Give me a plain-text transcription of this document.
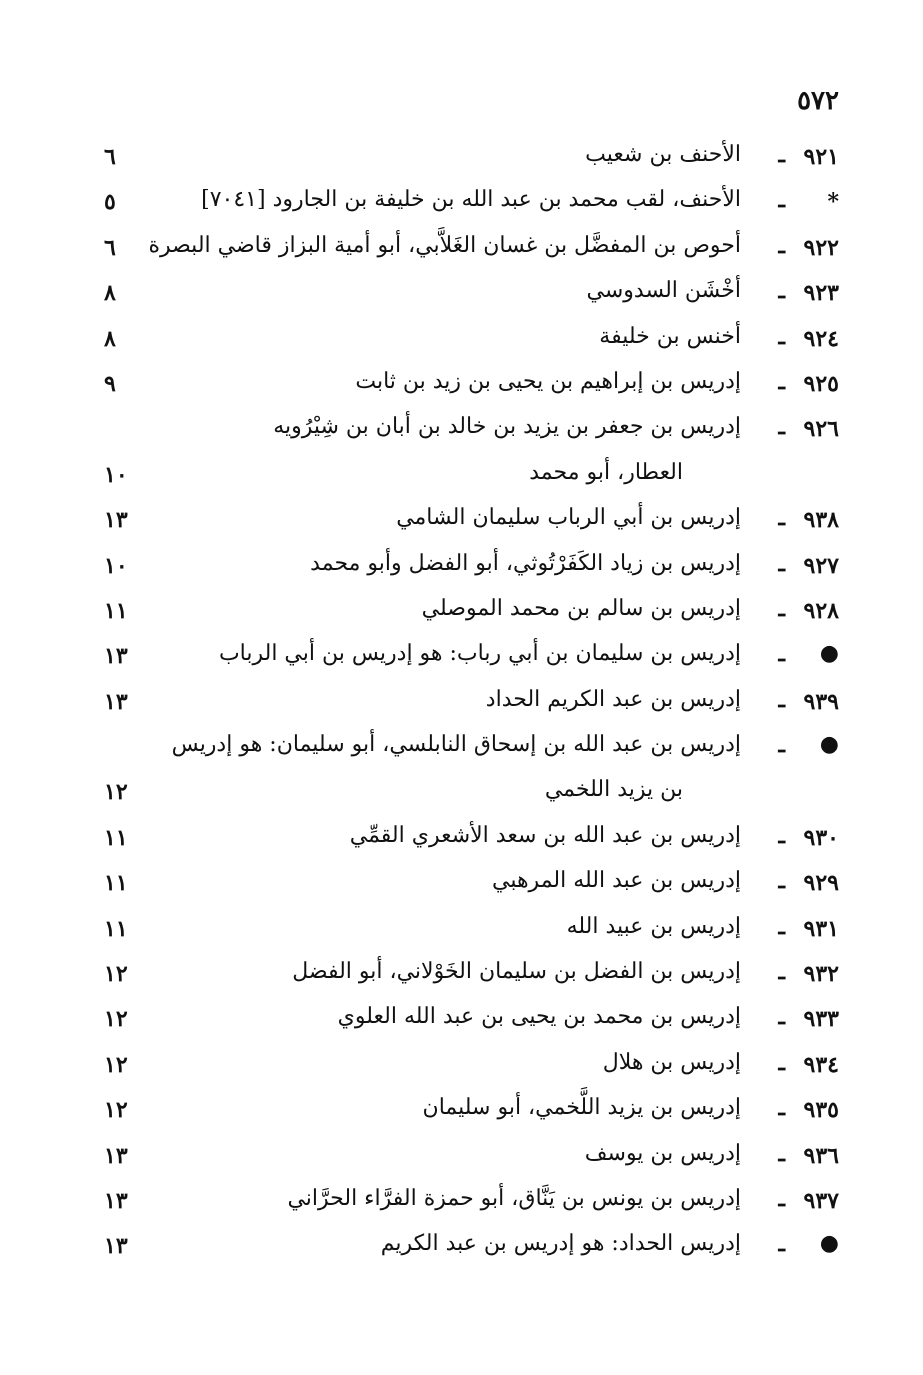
٥٧٢
٩٢١
ـ
الأحنف بن شعيب
٦
*
ـ
الأحنف، لقب محمد بن عبد الله بن خليفة بن الجارود [٧٠٤١]
٥
٩٢٢
ـ
أحوص بن المفضَّل بن غسان الغَلاَّبي، أبو أمية البزاز قاضي البصرة
٦
٩٢٣
ـ
أخْشَن السدوسي
٨
٩٢٤
ـ
أخنس بن خليفة
٨
٩٢٥
ـ
إدريس بن إبراهيم بن يحيى بن زيد بن ثابت
٩
٩٢٦
ـ
إدريس بن جعفر بن يزيد بن خالد بن أبان بن شِيْرُويه
العطار، أبو محمد
١٠
٩٣٨
ـ
إدريس بن أبي الرباب سليمان الشامي
١٣
٩٢٧
ـ
إدريس بن زياد الكَفَرْتُوثي، أبو الفضل وأبو محمد
١٠
٩٢٨
ـ
إدريس بن سالم بن محمد الموصلي
١١
●
ـ
إدريس بن سليمان بن أبي رباب: هو إدريس بن أبي الرباب
١٣
٩٣٩
ـ
إدريس بن عبد الكريم الحداد
١٣
●
ـ
إدريس بن عبد الله بن إسحاق النابلسي، أبو سليمان: هو إدريس
بن يزيد اللخمي
١٢
٩٣٠
ـ
إدريس بن عبد الله بن سعد الأشعري القمِّي
١١
٩٢٩
ـ
إدريس بن عبد الله المرهبي
١١
٩٣١
ـ
إدريس بن عبيد الله
١١
٩٣٢
ـ
إدريس بن الفضل بن سليمان الخَوْلاني، أبو الفضل
١٢
٩٣٣
ـ
إدريس بن محمد بن يحيى بن عبد الله العلوي
١٢
٩٣٤
ـ
إدريس بن هلال
١٢
٩٣٥
ـ
إدريس بن يزيد اللَّخمي، أبو سليمان
١٢
٩٣٦
ـ
إدريس بن يوسف
١٣
٩٣٧
ـ
إدريس بن يونس بن يَنَّاق، أبو حمزة الفرَّاء الحرَّاني
١٣
●
ـ
إدريس الحداد: هو إدريس بن عبد الكريم
١٣
